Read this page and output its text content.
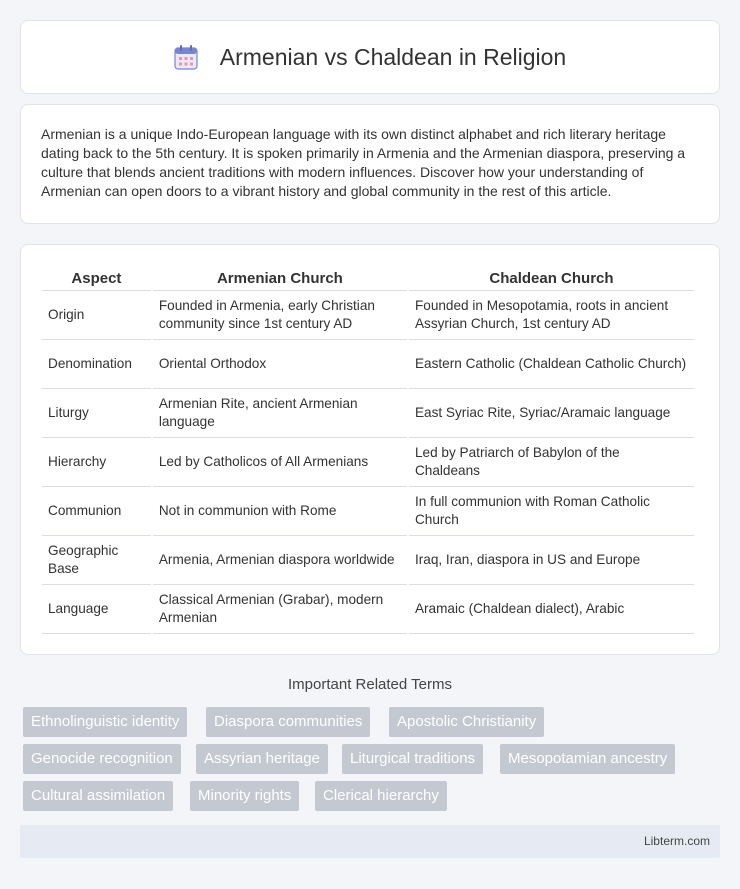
Armenian vs Chaldean in Religion

Armenian is a unique Indo-European language with its own distinct alphabet and rich literary heritage dating back to the 5th century. It is spoken primarily in Armenia and the Armenian diaspora, preserving a culture that blends ancient traditions with modern influences. Discover how your understanding of Armenian can open doors to a vibrant history and global community in the rest of this article.

Aspect	Armenian Church	Chaldean Church
Origin	Founded in Armenia, early Christian community since 1st century AD	Founded in Mesopotamia, roots in ancient Assyrian Church, 1st century AD
Denomination	Oriental Orthodox	Eastern Catholic (Chaldean Catholic Church)
Liturgy	Armenian Rite, ancient Armenian language	East Syriac Rite, Syriac/Aramaic language
Hierarchy	Led by Catholicos of All Armenians	Led by Patriarch of Babylon of the Chaldeans
Communion	Not in communion with Rome	In full communion with Roman Catholic Church
Geographic Base	Armenia, Armenian diaspora worldwide	Iraq, Iran, diaspora in US and Europe
Language	Classical Armenian (Grabar), modern Armenian	Aramaic (Chaldean dialect), Arabic
Important Related Terms
Ethnolinguistic identity	Diaspora communities	Apostolic Christianity
Genocide recognition	Assyrian heritage	Liturgical traditions	Mesopotamian ancestry
Cultural assimilation	Minority rights	Clerical hierarchy
Libterm.com
